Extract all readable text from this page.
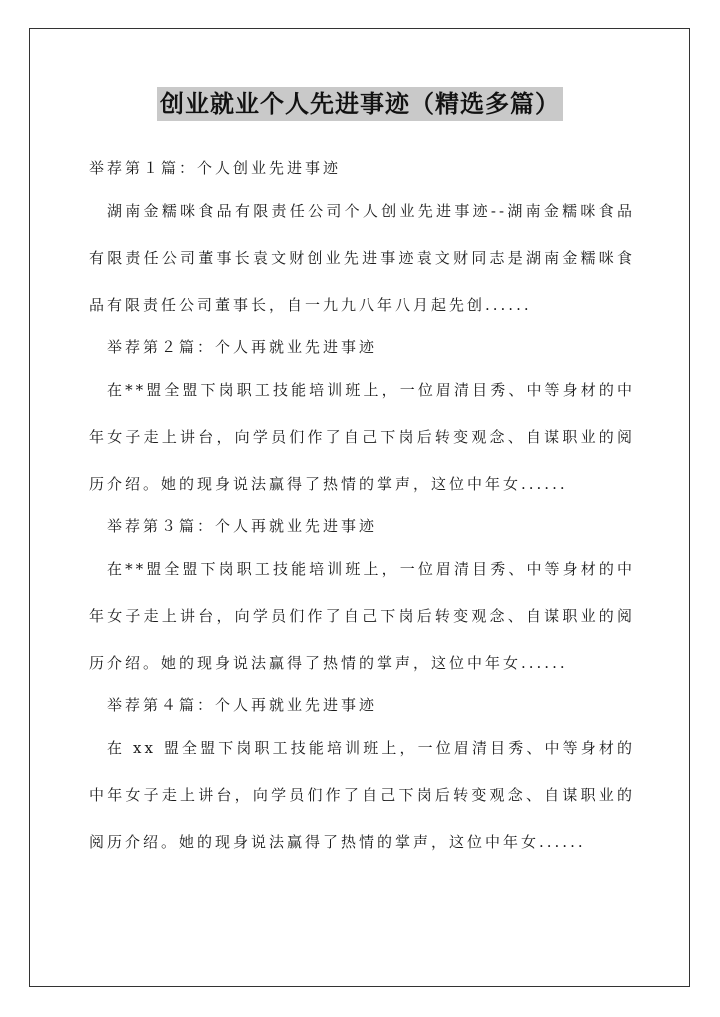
创业就业个人先进事迹（精选多篇）

举荐第１篇：个人创业先进事迹

湖南金糯咪食品有限责任公司个人创业先进事迹--湖南金糯咪食品有限责任公司董事长袁文财创业先进事迹袁文财同志是湖南金糯咪食品有限责任公司董事长，自一九九八年八月起先创......

举荐第２篇：个人再就业先进事迹

在**盟全盟下岗职工技能培训班上，一位眉清目秀、中等身材的中年女子走上讲台，向学员们作了自己下岗后转变观念、自谋职业的阅历介绍。她的现身说法赢得了热情的掌声，这位中年女......

举荐第３篇：个人再就业先进事迹

在**盟全盟下岗职工技能培训班上，一位眉清目秀、中等身材的中年女子走上讲台，向学员们作了自己下岗后转变观念、自谋职业的阅历介绍。她的现身说法赢得了热情的掌声，这位中年女......

举荐第４篇：个人再就业先进事迹

在 xx 盟全盟下岗职工技能培训班上，一位眉清目秀、中等身材的中年女子走上讲台，向学员们作了自己下岗后转变观念、自谋职业的阅历介绍。她的现身说法赢得了热情的掌声，这位中年女......
